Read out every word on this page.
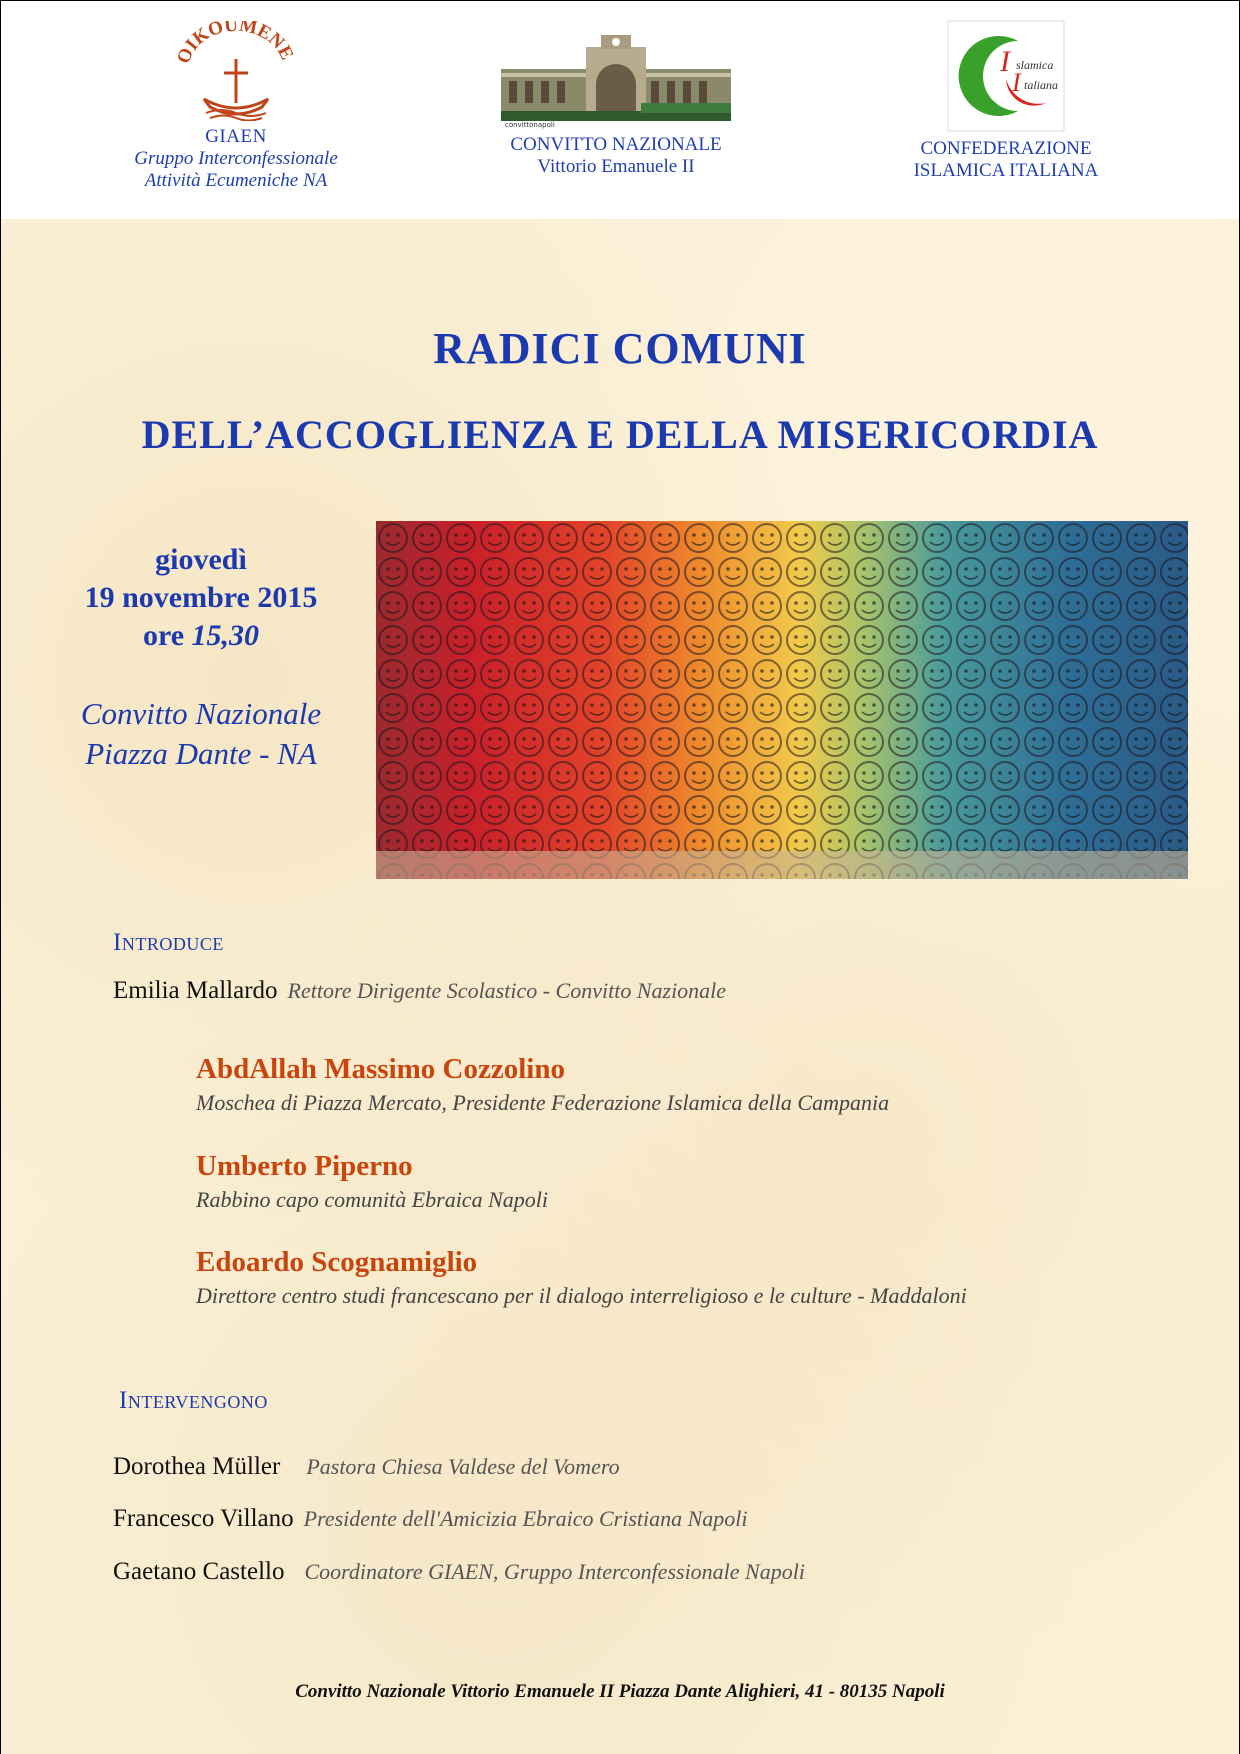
IKOUMENE
GIAEN
Gruppo Interconfessionale
Attività Ecumeniche NA
convittonapoli
CONVITTO NAZIONALE
Vittorio Emanuele II
I slamica
I taliana
CONFEDERAZIONE
ISLAMICA ITALIANA
RADICI COMUNI
DELL’ACCOGLIENZA E DELLA MISERICORDIA
giovedì
19 novembre 2015
ore 15,30
Convitto Nazionale
Piazza Dante - NA
Introduce
Emilia Mallardo Rettore Dirigente Scolastico - Convitto Nazionale
AbdAllah Massimo Cozzolino
Moschea di Piazza Mercato, Presidente Federazione Islamica della Campania
Umberto Piperno
Rabbino capo comunità Ebraica Napoli
Edoardo Scognamiglio
Direttore centro studi francescano per il dialogo interreligioso e le culture - Maddaloni
Intervengono
Dorothea Müller Pastora Chiesa Valdese del Vomero
Francesco Villano Presidente dell'Amicizia Ebraico Cristiana Napoli
Gaetano Castello Coordinatore GIAEN, Gruppo Interconfessionale Napoli
Convitto Nazionale Vittorio Emanuele II Piazza Dante Alighieri, 41 - 80135 Napoli
